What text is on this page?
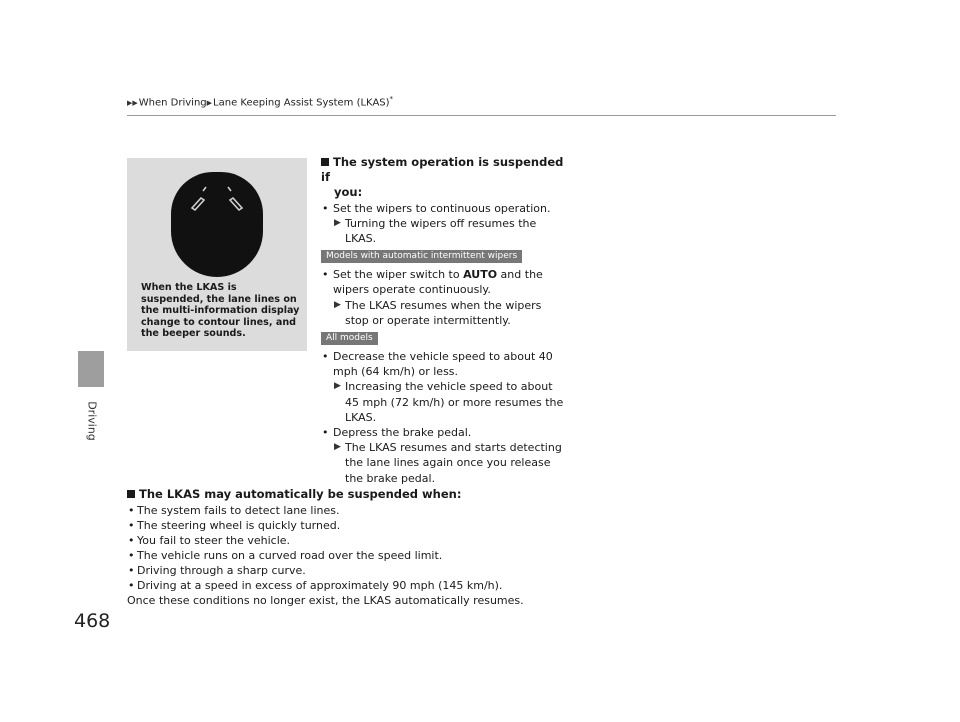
▶▶When Driving▶Lane Keeping Assist System (LKAS)*
Driving
When the LKAS is suspended, the lane lines on the multi-information display change to contour lines, and the beeper sounds.
The system operation is suspended if
you:
• Set the wipers to continuous operation.
▶ Turning the wipers off resumes the LKAS.
Models with automatic intermittent wipers
• Set the wiper switch to AUTO and the wipers operate continuously.
▶ The LKAS resumes when the wipers stop or operate intermittently.
All models
• Decrease the vehicle speed to about 40 mph (64 km/h) or less.
▶ Increasing the vehicle speed to about 45 mph (72 km/h) or more resumes the LKAS.
• Depress the brake pedal.
▶ The LKAS resumes and starts detecting the lane lines again once you release the brake pedal.
The LKAS may automatically be suspended when:
• The system fails to detect lane lines.
• The steering wheel is quickly turned.
• You fail to steer the vehicle.
• The vehicle runs on a curved road over the speed limit.
• Driving through a sharp curve.
• Driving at a speed in excess of approximately 90 mph (145 km/h).
Once these conditions no longer exist, the LKAS automatically resumes.
468
